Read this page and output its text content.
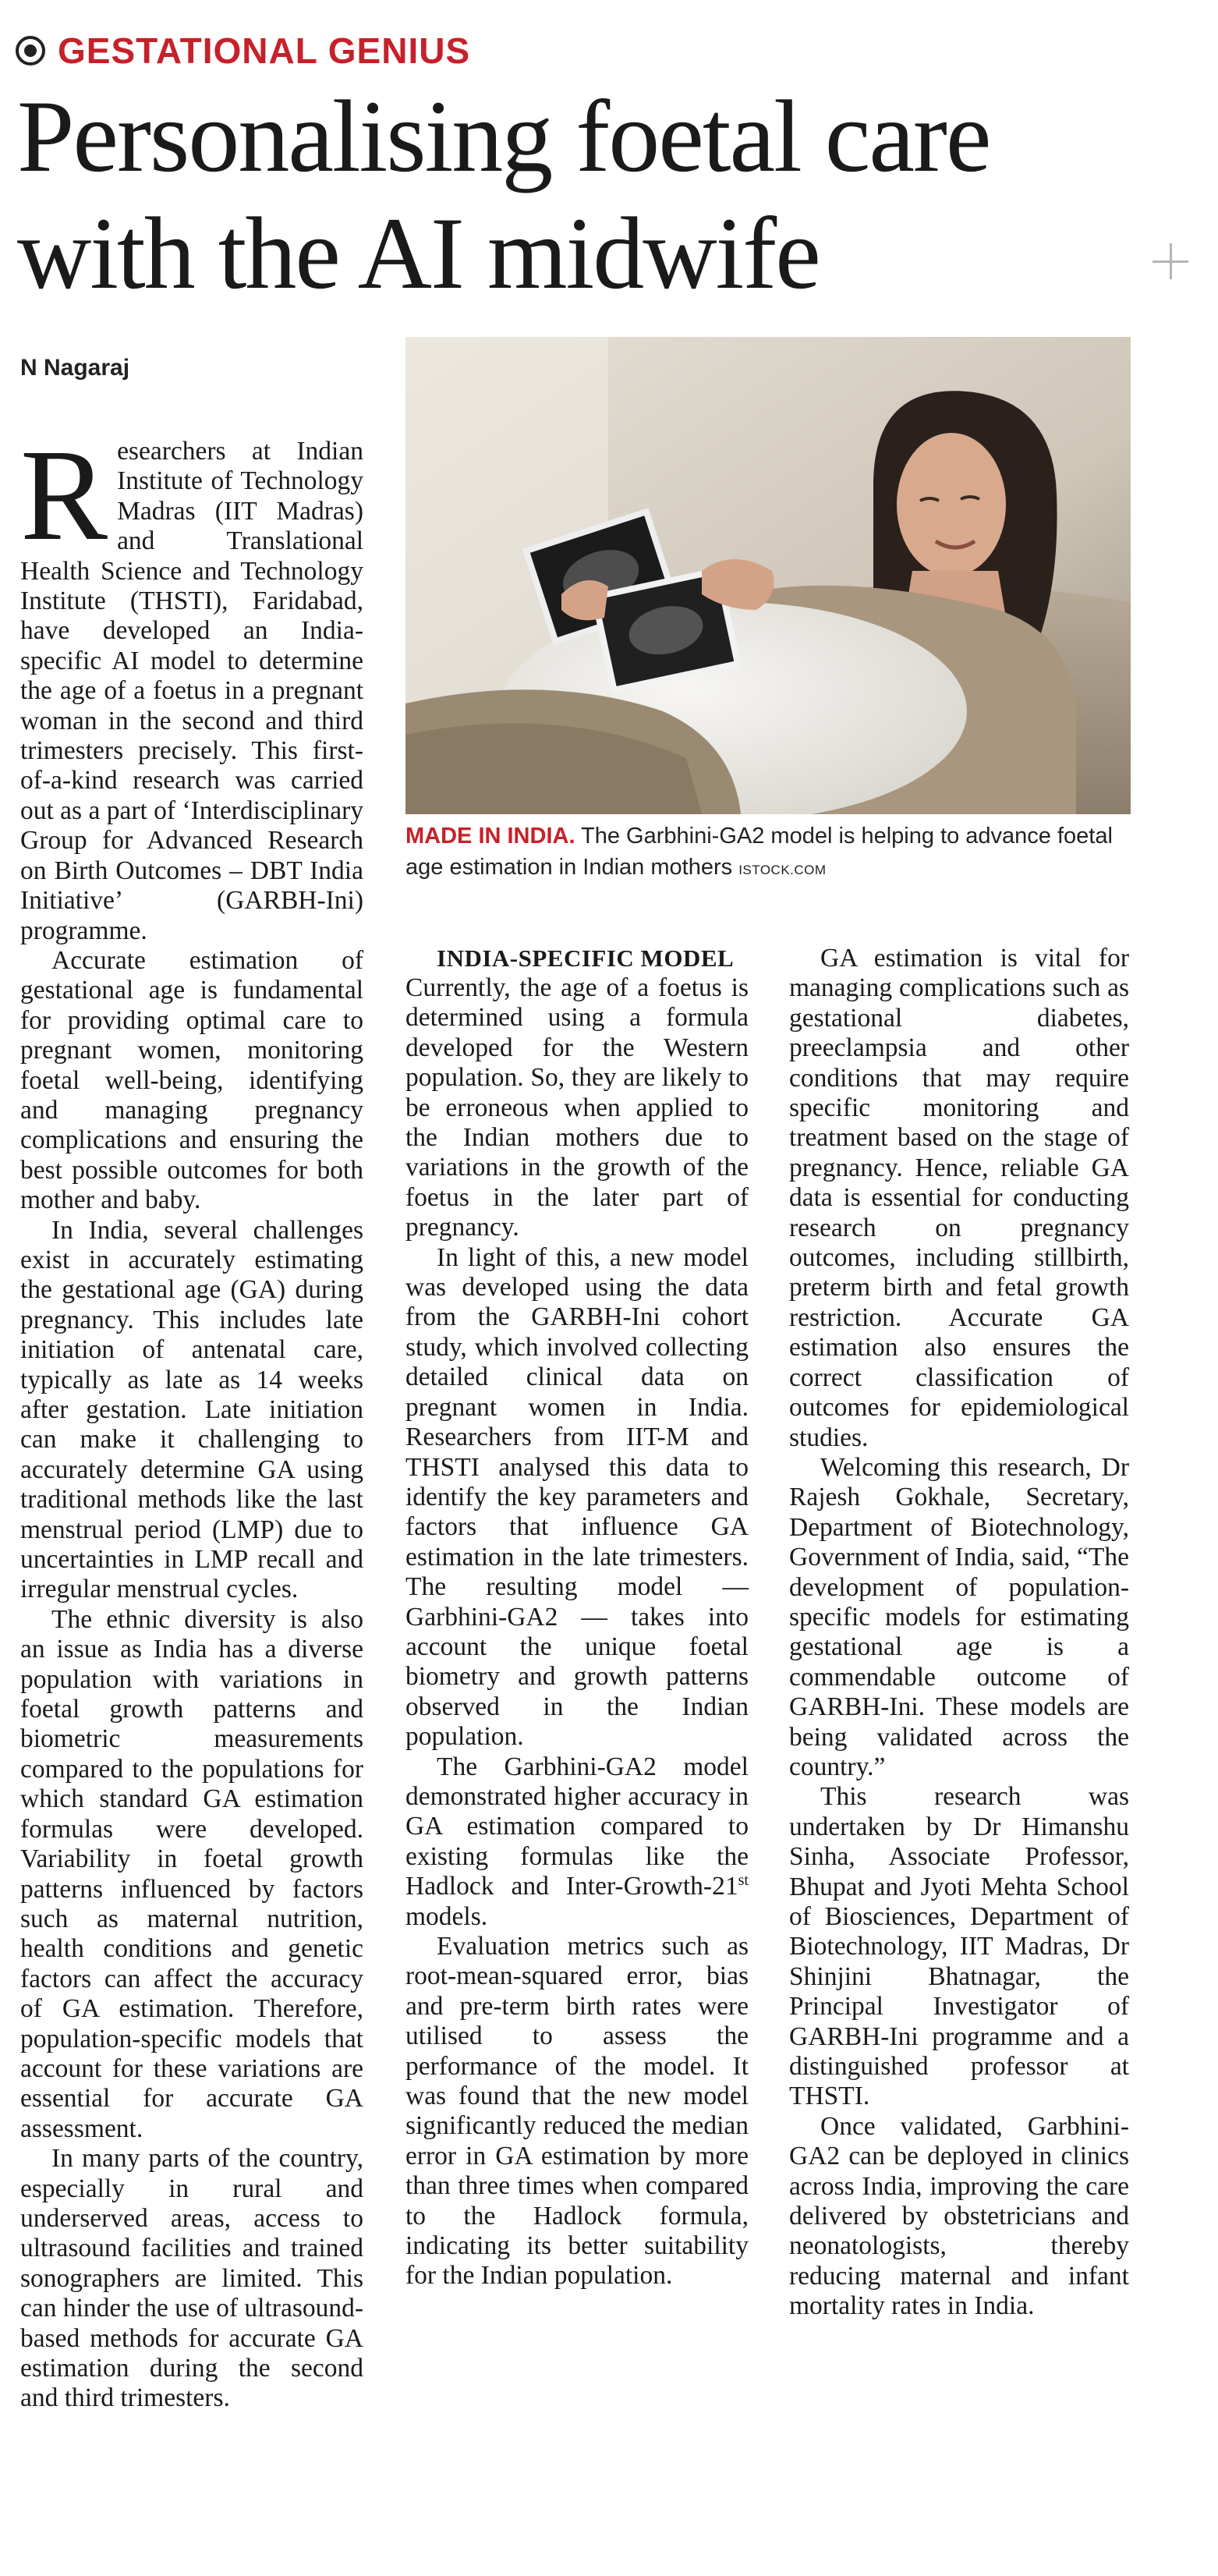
GESTATIONAL GENIUS
Personalising foetal care with the AI midwife
N Nagaraj
MADE IN INDIA. The Garbhini-GA2 model is helping to advance foetal age estimation in Indian mothers ISTOCK.COM

Researchers at Indian Institute of Technology Madras (IIT Madras) and Translational Health Science and Technology Institute (THSTI), Faridabad, have developed an India-specific AI model to determine the age of a foetus in a pregnant woman in the second and third trimesters precisely. This first-of-a-kind research was carried out as a part of ‘Interdisciplinary Group for Advanced Research on Birth Outcomes – DBT India Initiative’ (GARBH-Ini) programme.

Accurate estimation of gestational age is fundamental for providing optimal care to pregnant women, monitoring foetal well-being, identifying and managing pregnancy complications and ensuring the best possible outcomes for both mother and baby.

In India, several challenges exist in accurately estimating the gestational age (GA) during pregnancy. This includes late initiation of antenatal care, typically as late as 14 weeks after gestation. Late initiation can make it challenging to accurately determine GA using traditional methods like the last menstrual period (LMP) due to uncertainties in LMP recall and irregular menstrual cycles.

The ethnic diversity is also an issue as India has a diverse population with variations in foetal growth patterns and biometric measurements compared to the populations for which standard GA estimation formulas were developed. Variability in foetal growth patterns influenced by factors such as maternal nutrition, health conditions and genetic factors can affect the accuracy of GA estimation. Therefore, population-specific models that account for these variations are essential for accurate GA assessment.

In many parts of the country, especially in rural and underserved areas, access to ultrasound facilities and trained sonographers are limited. This can hinder the use of ultrasound-based methods for accurate GA estimation during the second and third trimesters.

INDIA-SPECIFIC MODEL

Currently, the age of a foetus is determined using a formula developed for the Western population. So, they are likely to be erroneous when applied to the Indian mothers due to variations in the growth of the foetus in the later part of pregnancy.

In light of this, a new model was developed using the data from the GARBH-Ini cohort study, which involved collecting detailed clinical data on pregnant women in India. Researchers from IIT-M and THSTI analysed this data to identify the key parameters and factors that influence GA estimation in the late trimesters. The resulting model — Garbhini-GA2 — takes into account the unique foetal biometry and growth patterns observed in the Indian population.

The Garbhini-GA2 model demonstrated higher accuracy in GA estimation compared to existing formulas like the Hadlock and Inter-Growth-21st models.

Evaluation metrics such as root-mean-squared error, bias and pre-term birth rates were utilised to assess the performance of the model. It was found that the new model significantly reduced the median error in GA estimation by more than three times when compared to the Hadlock formula, indicating its better suitability for the Indian population.

GA estimation is vital for managing complications such as gestational diabetes, preeclampsia and other conditions that may require specific monitoring and treatment based on the stage of pregnancy. Hence, reliable GA data is essential for conducting research on pregnancy outcomes, including stillbirth, preterm birth and fetal growth restriction. Accurate GA estimation also ensures the correct classification of outcomes for epidemiological studies.

Welcoming this research, Dr Rajesh Gokhale, Secretary, Department of Biotechnology, Government of India, said, “The development of population-specific models for estimating gestational age is a commendable outcome of GARBH-Ini. These models are being validated across the country.”

This research was undertaken by Dr Himanshu Sinha, Associate Professor, Bhupat and Jyoti Mehta School of Biosciences, Department of Biotechnology, IIT Madras, Dr Shinjini Bhatnagar, the Principal Investigator of GARBH-Ini programme and a distinguished professor at THSTI.

Once validated, Garbhini-GA2 can be deployed in clinics across India, improving the care delivered by obstetricians and neonatologists, thereby reducing maternal and infant mortality rates in India.
